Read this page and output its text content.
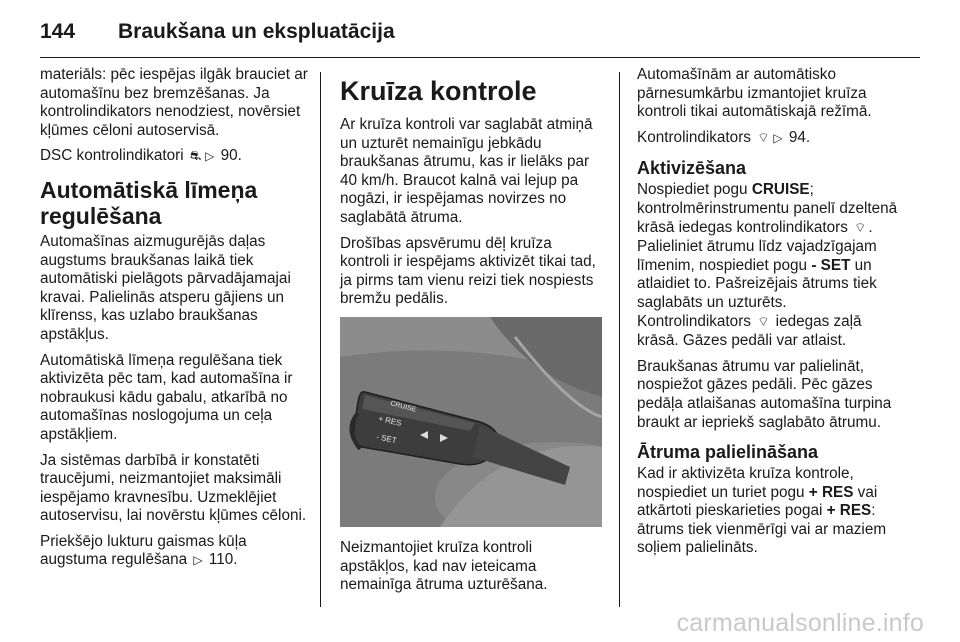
144	Braukšana un ekspluatācija

materiāls: pēc iespējas ilgāk brauciet ar automašīnu bez bremzēšanas. Ja kontrolindikators nenodziest, novērsiet kļūmes cēloni autoservisā.

DSC kontrolindikatori ⛐ ▷ 90.

Automātiskā līmeņa regulēšana

Automašīnas aizmugurējās daļas augstums braukšanas laikā tiek automātiski pielāgots pārvadājamajai kravai. Palielinās atsperu gājiens un klīrenss, kas uzlabo braukšanas apstākļus.

Automātiskā līmeņa regulēšana tiek aktivizēta pēc tam, kad automašīna ir nobraukusi kādu gabalu, atkarībā no automašīnas noslogojuma un ceļa apstākļiem.

Ja sistēmas darbībā ir konstatēti traucējumi, neizmantojiet maksimāli iespējamo kravnesību. Uzmeklējiet autoservisu, lai novērstu kļūmes cēloni.

Priekšējo lukturu gaismas kūļa augstuma regulēšana ▷ 110.

Kruīza kontrole

Ar kruīza kontroli var saglabāt atmiņā un uzturēt nemainīgu jebkādu braukšanas ātrumu, kas ir lielāks par 40 km/h. Braucot kalnā vai lejup pa nogāzi, ir iespējamas novirzes no saglabātā ātruma.

Drošības apsvērumu dēļ kruīza kontroli ir iespējams aktivizēt tikai tad, ja pirms tam vienu reizi tiek nospiests bremžu pedālis.

CRUISE
+ RES
- SET

Neizmantojiet kruīza kontroli apstākļos, kad nav ieteicama nemainīga ātruma uzturēšana.

Automašīnām ar automātisko pārnesumkārbu izmantojiet kruīza kontroli tikai automātiskajā režīmā.

Kontrolindikators ⌔ ▷ 94.

Aktivizēšana

Nospiediet pogu CRUISE; kontrolmērinstrumentu panelī dzeltenā krāsā iedegas kontrolindikators ⌔ . Palieliniet ātrumu līdz vajadzīgajam līmenim, nospiediet pogu - SET un atlaidiet to. Pašreizējais ātrums tiek saglabāts un uzturēts. Kontrolindikators ⌔ iedegas zaļā krāsā. Gāzes pedāli var atlaist.

Braukšanas ātrumu var palielināt, nospiežot gāzes pedāli. Pēc gāzes pedāļa atlaišanas automašīna turpina braukt ar iepriekš saglabāto ātrumu.

Ātruma palielināšana

Kad ir aktivizēta kruīza kontrole, nospiediet un turiet pogu + RES vai atkārtoti pieskarieties pogai + RES: ātrums tiek vienmērīgi vai ar maziem soļiem palielināts.

carmanualsonline.info
